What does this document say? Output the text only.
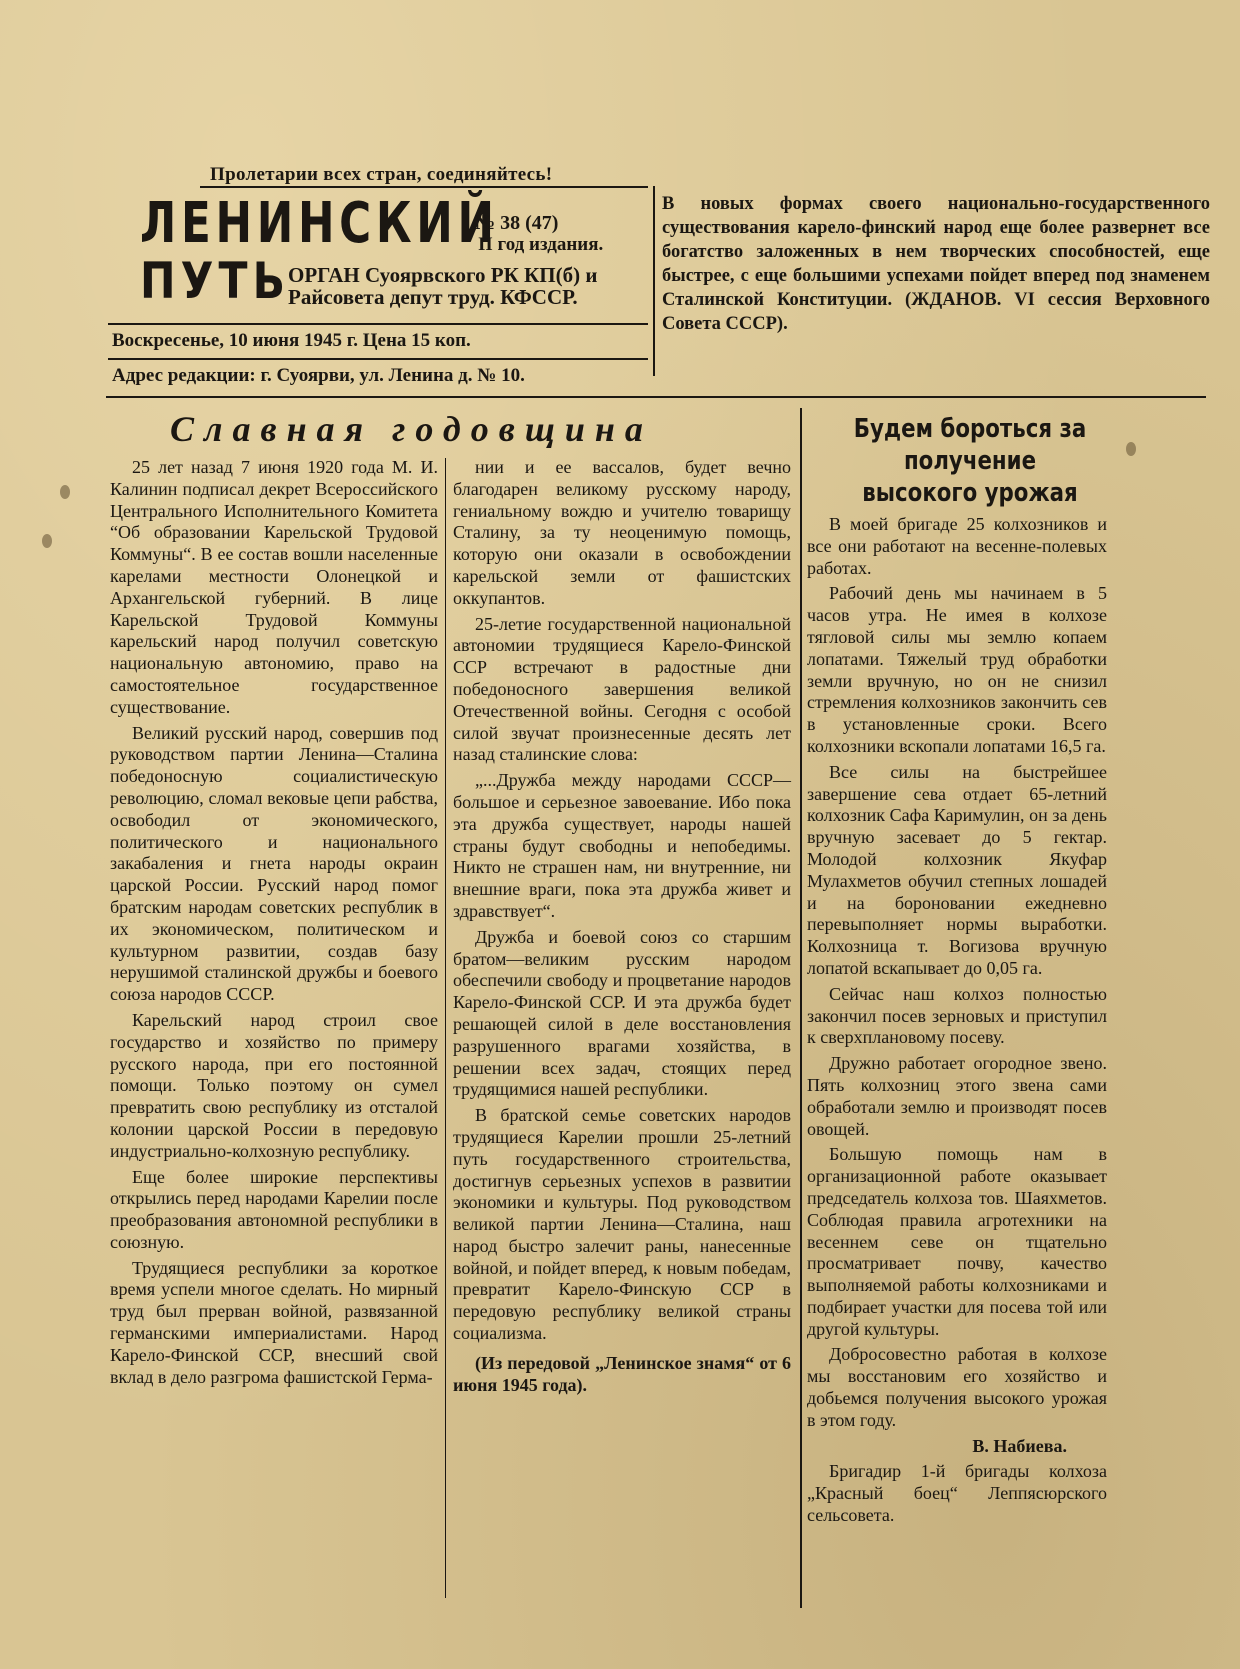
Пролетарии всех стран, соединяйтесь!
ЛЕНИНСКИЙ
ПУТЬ
№ 38 (47)
II год издания.
ОРГАН Суоярвского РК КП(б) и Райсовета депут труд. КФССР.
Воскресенье, 10 июня 1945 г. Цена 15 коп.
Адрес редакции: г. Суоярви, ул. Ленина д. № 10.
В новых формах своего национально-государственного существования карело-финский народ еще более развернет все богатство заложенных в нем творческих способностей, еще быстрее, с еще большими успехами пойдет вперед под знаменем Сталинской Конституции. (ЖДАНОВ. VI сессия Верховного Совета СССР).
Славная годовщина

25 лет назад 7 июня 1920 года М. И. Калинин подписал декрет Всероссийского Центрального Исполнительного Комитета “Об образовании Карельской Трудовой Коммуны“. В ее состав вошли населенные карелами местности Олонецкой и Архангельской губерний. В лице Карельской Трудовой Коммуны карельский народ получил советскую национальную автономию, право на самостоятельное государственное существование.

Великий русский народ, совершив под руководством партии Ленина—Сталина победоносную социалистическую революцию, сломал вековые цепи рабства, освободил от экономического, политического и национального закабаления и гнета народы окраин царской России. Русский народ помог братским народам советских республик в их экономическом, политическом и культурном развитии, создав базу нерушимой сталинской дружбы и боевого союза народов СССР.

Карельский народ строил свое государство и хозяйство по примеру русского народа, при его постоянной помощи. Только поэтому он сумел превратить свою республику из отсталой колонии царской России в передовую индустриально-колхозную республику.

Еще более широкие перспективы открылись перед народами Карелии после преобразования автономной республики в союзную.

Трудящиеся республики за короткое время успели многое сделать. Но мирный труд был прерван войной, развязанной германскими империалистами. Народ Карело-Финской ССР, внесший свой вклад в дело разгрома фашистской Герма-

нии и ее вассалов, будет вечно благодарен великому русскому народу, гениальному вождю и учителю товарищу Сталину, за ту неоценимую помощь, которую они оказали в освобождении карельской земли от фашистских оккупантов.

25-летие государственной национальной автономии трудящиеся Карело-Финской ССР встречают в радостные дни победоносного завершения великой Отечественной войны. Сегодня с особой силой звучат произнесенные десять лет назад сталинские слова:

„...Дружба между народами СССР—большое и серьезное завоевание. Ибо пока эта дружба существует, народы нашей страны будут свободны и непобедимы. Никто не страшен нам, ни внутренние, ни внешние враги, пока эта дружба живет и здравствует“.

Дружба и боевой союз со старшим братом—великим русским народом обеспечили свободу и процветание народов Карело-Финской ССР. И эта дружба будет решающей силой в деле восстановления разрушенного врагами хозяйства, в решении всех задач, стоящих перед трудящимися нашей республики.

В братской семье советских народов трудящиеся Карелии прошли 25-летний путь государственного строительства, достигнув серьезных успехов в развитии экономики и культуры. Под руководством великой партии Ленина—Сталина, наш народ быстро залечит раны, нанесенные войной, и пойдет вперед, к новым победам, превратит Карело-Финскую ССР в передовую республику великой страны социализма.

(Из передовой „Ленинское знамя“ от 6 июня 1945 года).

Будем бороться за получение высокого урожая

В моей бригаде 25 колхозников и все они работают на весенне-полевых работах.

Рабочий день мы начинаем в 5 часов утра. Не имея в колхозе тягловой силы мы землю копаем лопатами. Тяжелый труд обработки земли вручную, но он не снизил стремления колхозников закончить сев в установленные сроки. Всего колхозники вскопали лопатами 16,5 га.

Все силы на быстрейшее завершение сева отдает 65-летний колхозник Сафа Каримулин, он за день вручную засевает до 5 гектар. Молодой колхозник Якуфар Мулахметов обучил степных лошадей и на бороновании ежедневно перевыполняет нормы выработки. Колхозница т. Вогизова вручную лопатой вскапывает до 0,05 га.

Сейчас наш колхоз полностью закончил посев зерновых и приступил к сверхплановому посеву.

Дружно работает огородное звено. Пять колхозниц этого звена сами обработали землю и производят посев овощей.

Большую помощь нам в организационной работе оказывает председатель колхоза тов. Шаяхметов. Соблюдая правила агротехники на весеннем севе он тщательно просматривает почву, качество выполняемой работы колхозниками и подбирает участки для посева той или другой культуры.

Добросовестно работая в колхозе мы восстановим его хозяйство и добьемся получения высокого урожая в этом году.

В. Набиева.

Бригадир 1-й бригады колхоза „Красный боец“ Леппясюрского сельсовета.
